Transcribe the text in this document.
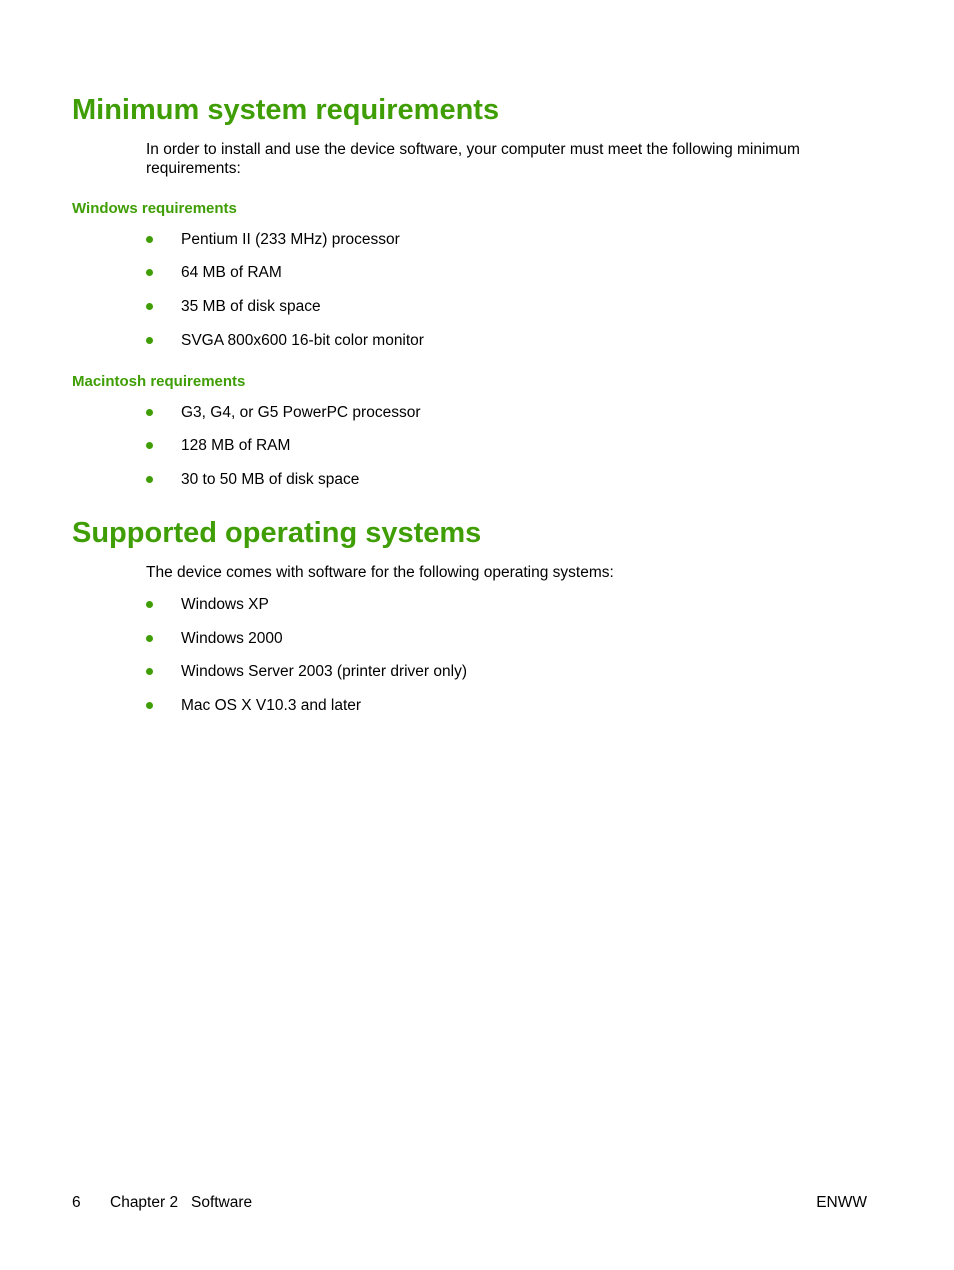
Minimum system requirements

In order to install and use the device software, your computer must meet the following minimum requirements:

Windows requirements
Pentium II (233 MHz) processor
64 MB of RAM
35 MB of disk space
SVGA 800x600 16-bit color monitor
Macintosh requirements
G3, G4, or G5 PowerPC processor
128 MB of RAM
30 to 50 MB of disk space
Supported operating systems

The device comes with software for the following operating systems:

Windows XP
Windows 2000
Windows Server 2003 (printer driver only)
Mac OS X V10.3 and later
6 Chapter 2   Software	ENWW
